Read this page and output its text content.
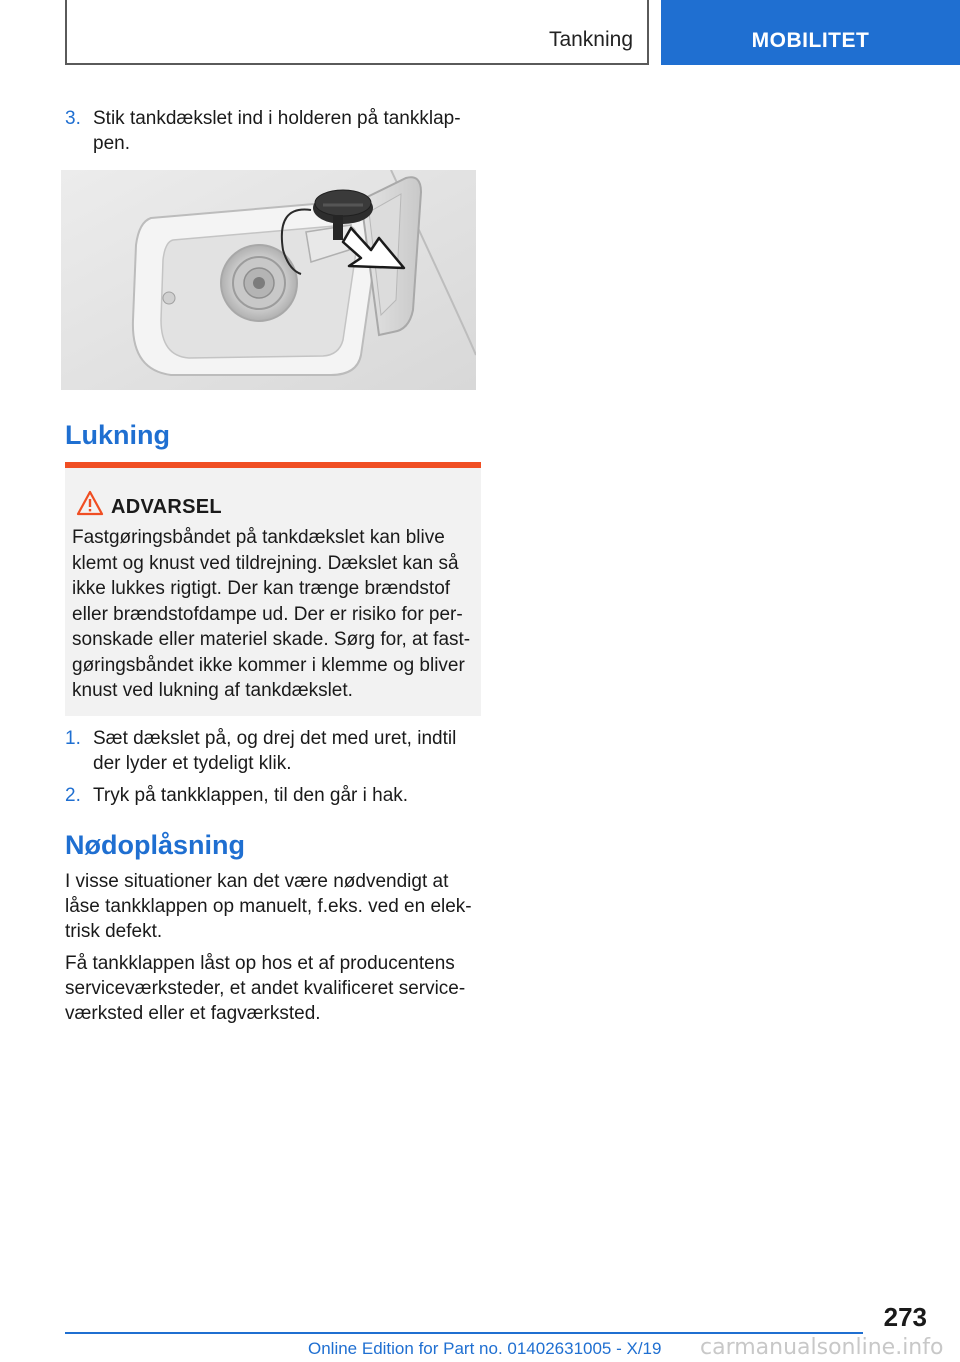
Tankning	MOBILITET
3. Stik tankdækslet ind i holderen på tankklap-pen.
Lukning
ADVARSEL
Fastgøringsbåndet på tankdækslet kan blive klemt og knust ved tildrejning. Dækslet kan så ikke lukkes rigtigt. Der kan trænge brændstof eller brændstofdampe ud. Der er risiko for per-sonskade eller materiel skade. Sørg for, at fast-gøringsbåndet ikke kommer i klemme og bliver knust ved lukning af tankdækslet.
1. Sæt dækslet på, og drej det med uret, indtil der lyder et tydeligt klik.
2. Tryk på tankklappen, til den går i hak.
Nødoplåsning
I visse situationer kan det være nødvendigt at låse tankklappen op manuelt, f.eks. ved en elek-trisk defekt.
Få tankklappen låst op hos et af producentens serviceværksteder, et andet kvalificeret service-værksted eller et fagværksted.
273
Online Edition for Part no. 01402631005 - X/19 carmanualsonline.info
